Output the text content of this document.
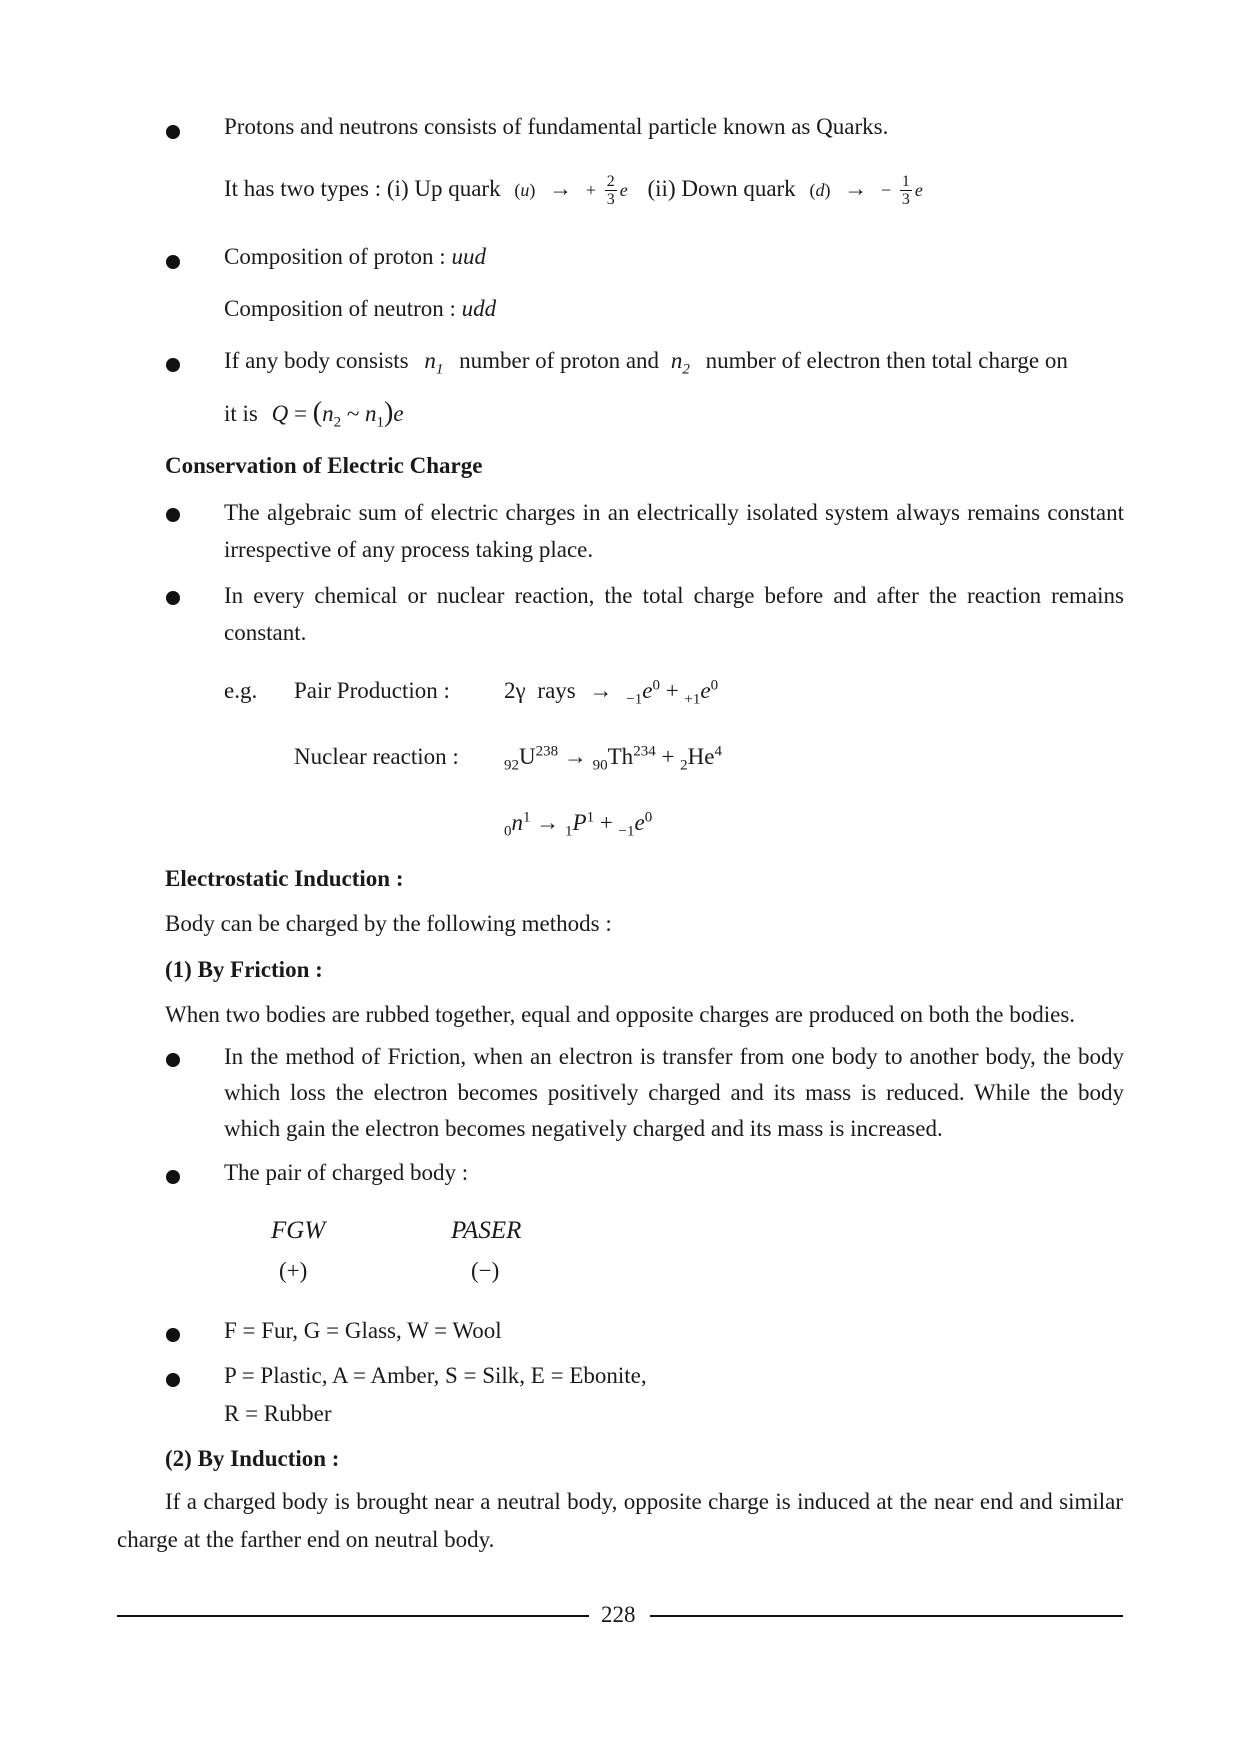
Protons and neutrons consists of fundamental particle known as Quarks.
It has two types : (i) Up quark (u) → + $\frac{2}{3}$ e (ii) Down quark (d) → − $\frac{1}{3}$ e
Composition of proton : uud
Composition of neutron : udd
If any body consists $n_1$ number of proton and $n_2$ number of electron then total charge on
it is $Q = (n_2$ ~ $n_1)e$
Conservation of Electric Charge
The algebraic sum of electric charges in an electrically isolated system always remains constant irrespective of any process taking place.
In every chemical or nuclear reaction, the total charge before and after the reaction remains constant.
e.g. Pair Production : 2γ rays → $_{-1}e^0 + _{+1}e^0$
Nuclear reaction :	$_{92}U^{238} \to _{90}Th^{234} + _2He^4$
$_0n^1 \to _1P^1 + _{-1}e^0$
Electrostatic Induction :
Body can be charged by the following methods :
(1) By Friction :
When two bodies are rubbed together, equal and opposite charges are produced on both the bodies.
In the method of Friction, when an electron is transfer from one body to another body, the body which loss the electron becomes positively charged and its mass is reduced. While the body which gain the electron becomes negatively charged and its mass is increased.
The pair of charged body :
FGW	PASER
(+)	(−)
F = Fur, G = Glass, W = Wool
P = Plastic, A = Amber, S = Silk, E = Ebonite,
R = Rubber
(2) By Induction :
If a charged body is brought near a neutral body, opposite charge is induced at the near end and similar charge at the farther end on neutral body.
228
